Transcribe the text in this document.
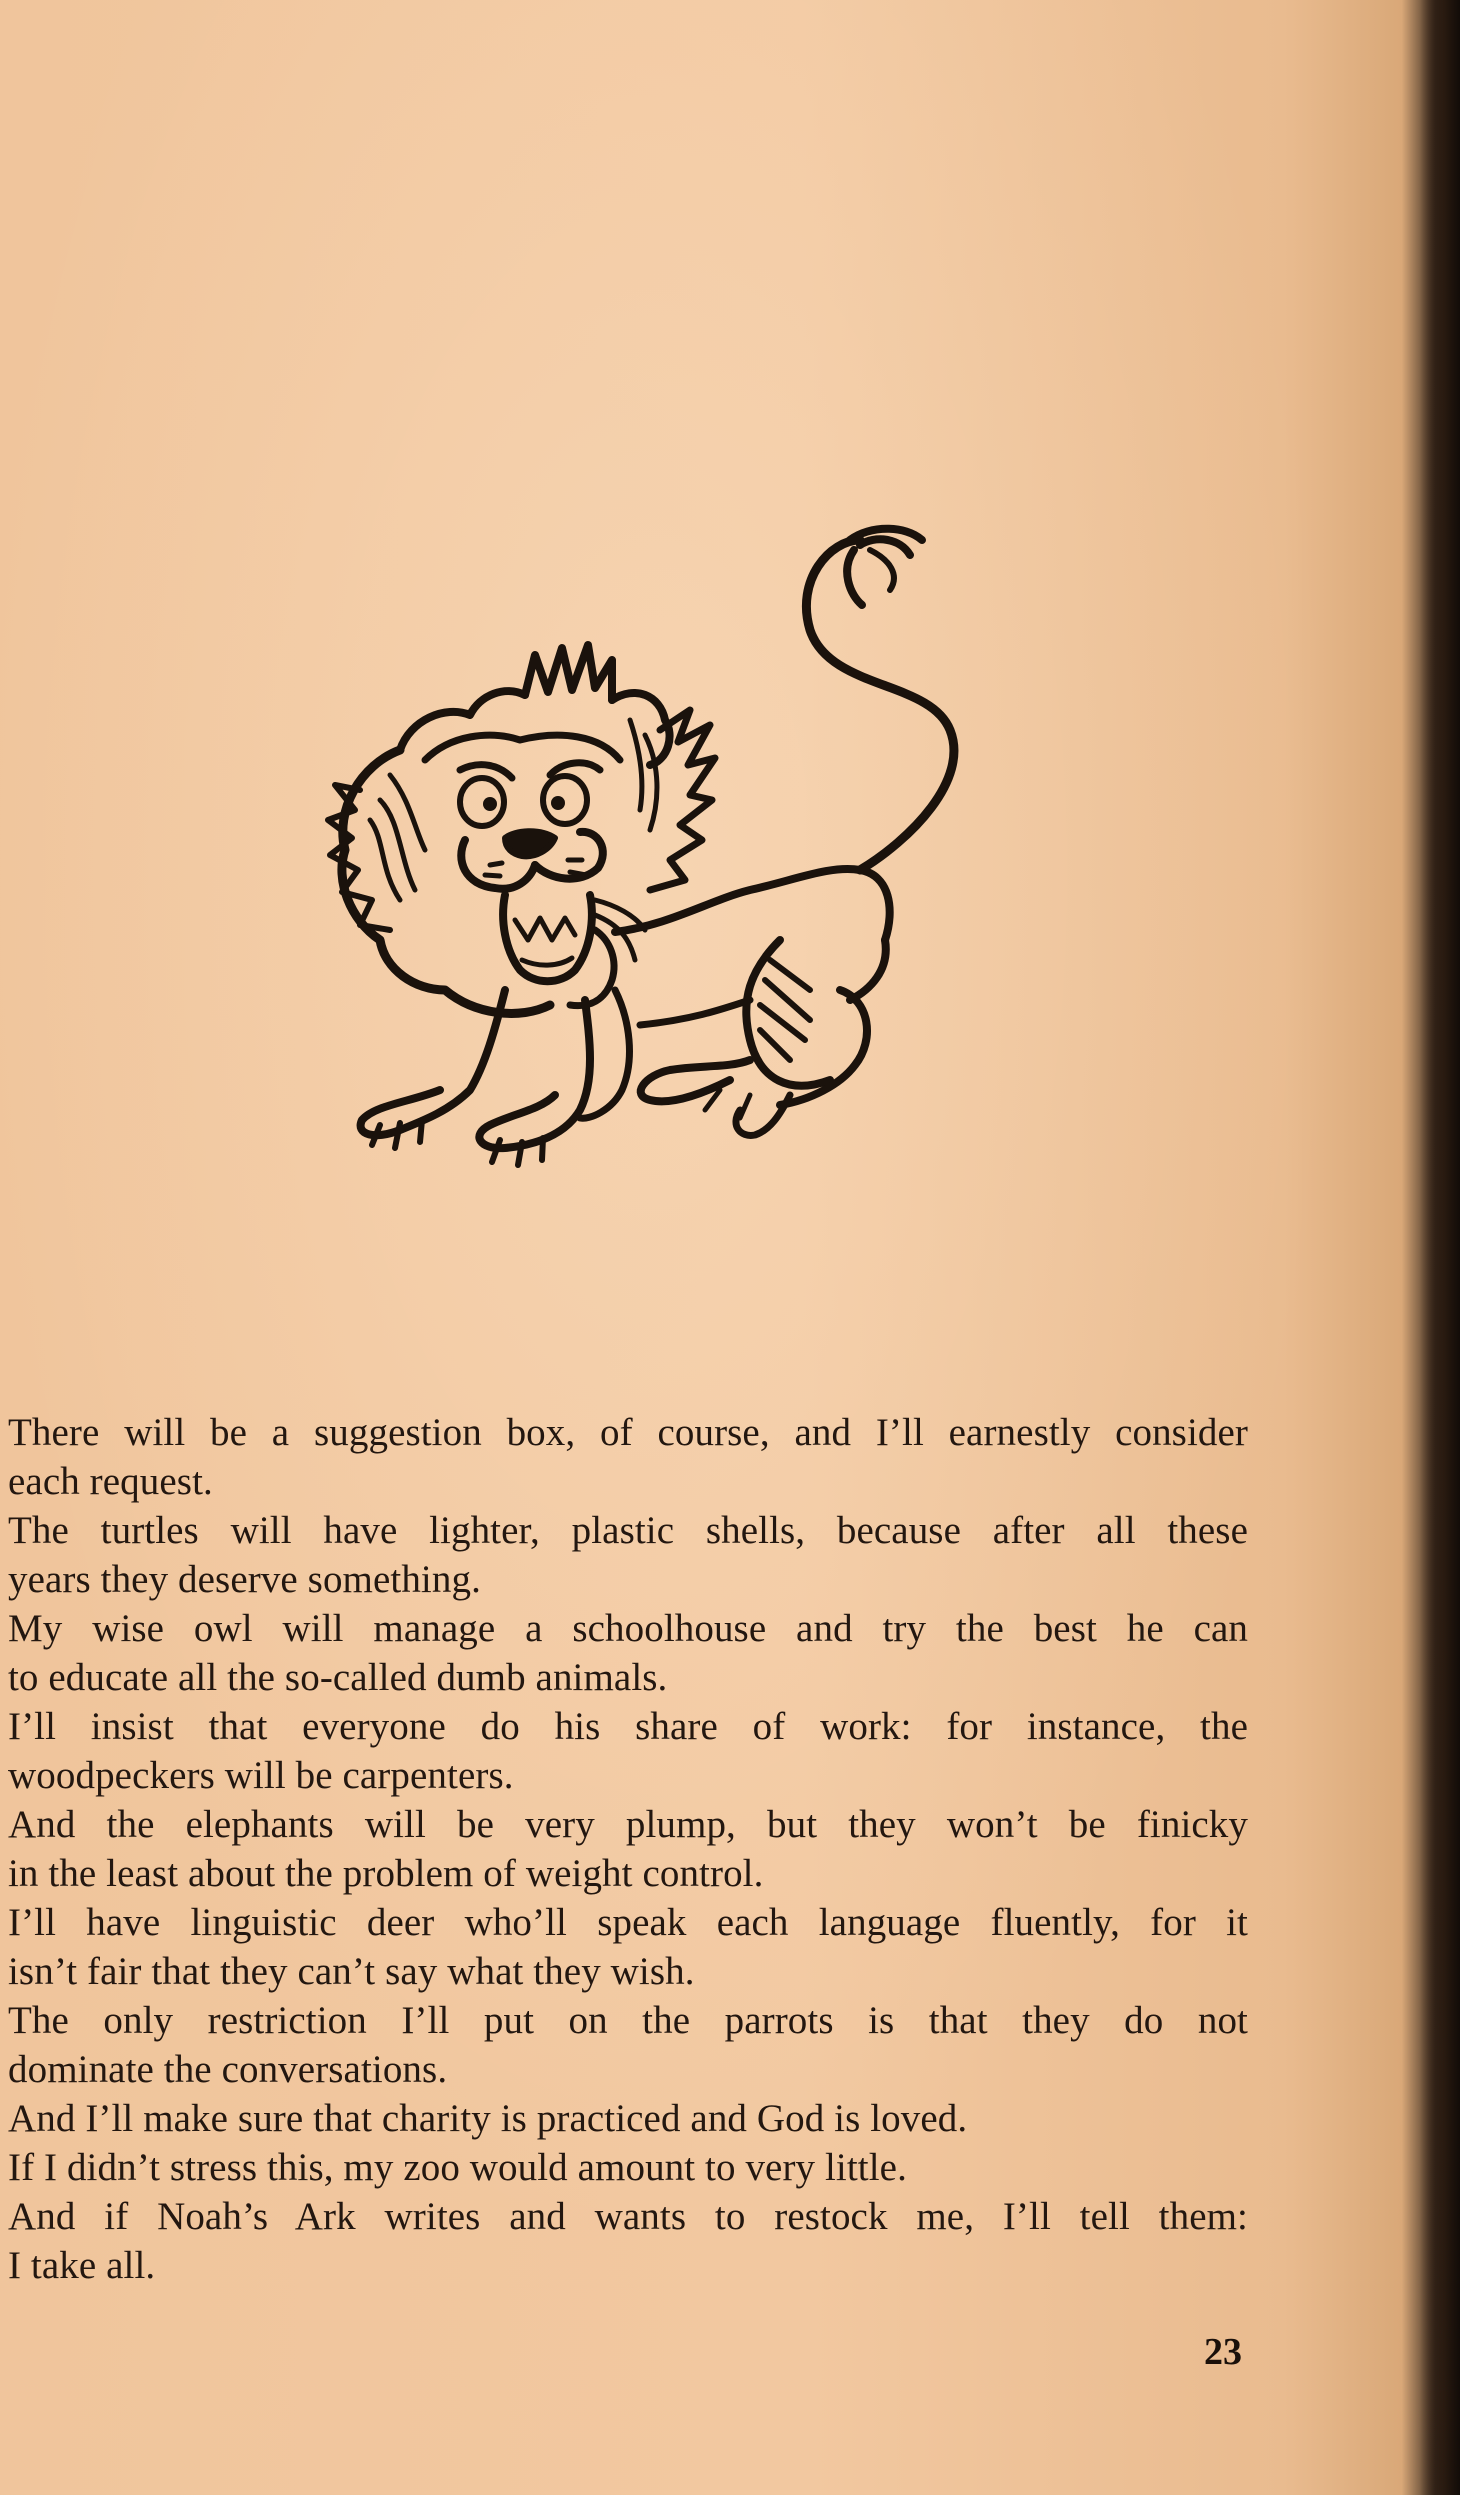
There will be a suggestion box, of course, and I’ll earnestly consider
each request.
The turtles will have lighter, plastic shells, because after all these
years they deserve something.
My wise owl will manage a schoolhouse and try the best he can
to educate all the so-called dumb animals.
I’ll insist that everyone do his share of work: for instance, the
woodpeckers will be carpenters.
And the elephants will be very plump, but they won’t be finicky
in the least about the problem of weight control.
I’ll have linguistic deer who’ll speak each language fluently, for it
isn’t fair that they can’t say what they wish.
The only restriction I’ll put on the parrots is that they do not
dominate the conversations.
And I’ll make sure that charity is practiced and God is loved.
If I didn’t stress this, my zoo would amount to very little.
And if Noah’s Ark writes and wants to restock me, I’ll tell them:
I take all.
23
